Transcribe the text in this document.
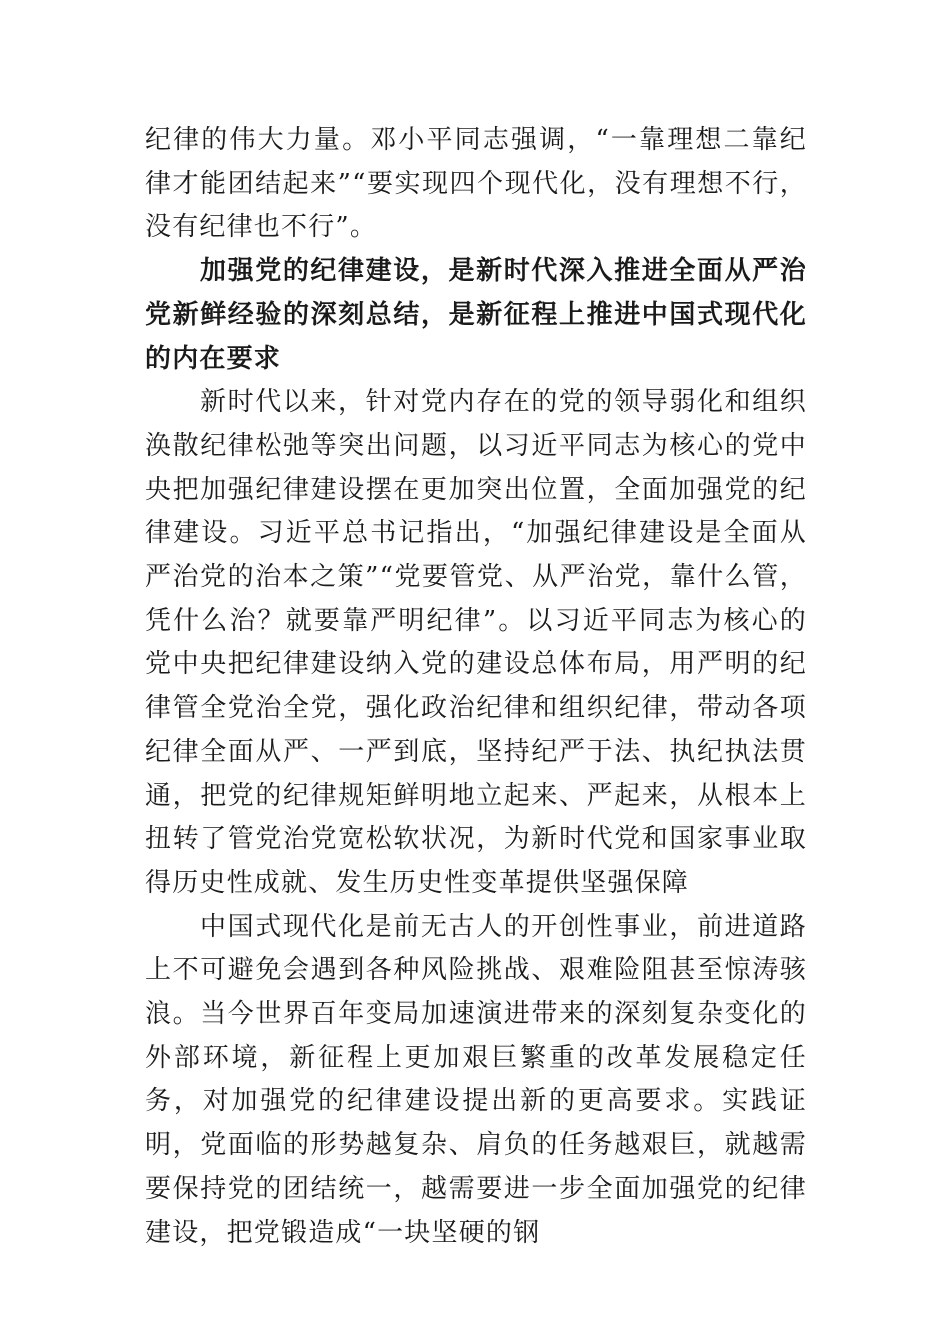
纪律的伟大力量。邓小平同志强调，“一靠理想二靠纪律才能团结起来”“要实现四个现代化，没有理想不行，没有纪律也不行”。

加强党的纪律建设，是新时代深入推进全面从严治党新鲜经验的深刻总结，是新征程上推进中国式现代化的内在要求

新时代以来，针对党内存在的党的领导弱化和组织涣散纪律松弛等突出问题，以习近平同志为核心的党中央把加强纪律建设摆在更加突出位置，全面加强党的纪律建设。习近平总书记指出，“加强纪律建设是全面从严治党的治本之策”“党要管党、从严治党，靠什么管，凭什么治？就要靠严明纪律”。以习近平同志为核心的党中央把纪律建设纳入党的建设总体布局，用严明的纪律管全党治全党，强化政治纪律和组织纪律，带动各项纪律全面从严、一严到底，坚持纪严于法、执纪执法贯通，把党的纪律规矩鲜明地立起来、严起来，从根本上扭转了管党治党宽松软状况，为新时代党和国家事业取得历史性成就、发生历史性变革提供坚强保障

中国式现代化是前无古人的开创性事业，前进道路上不可避免会遇到各种风险挑战、艰难险阻甚至惊涛骇浪。当今世界百年变局加速演进带来的深刻复杂变化的外部环境，新征程上更加艰巨繁重的改革发展稳定任务，对加强党的纪律建设提出新的更高要求。实践证明，党面临的形势越复杂、肩负的任务越艰巨，就越需要保持党的团结统一，越需要进一步全面加强党的纪律建设，把党锻造成“一块坚硬的钢
